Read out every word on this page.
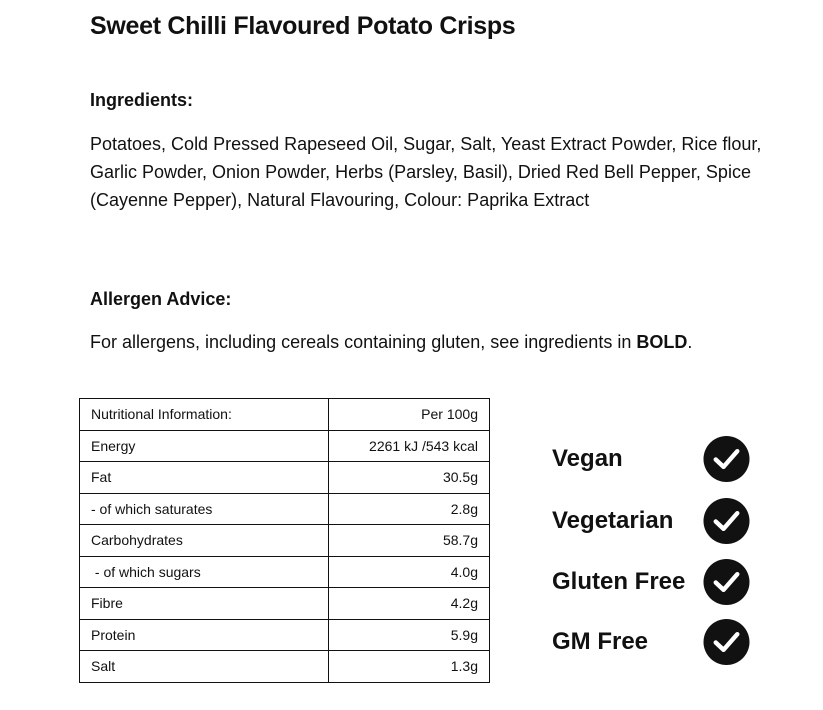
Sweet Chilli Flavoured Potato Crisps
Ingredients:
Potatoes, Cold Pressed Rapeseed Oil, Sugar, Salt, Yeast Extract Powder, Rice flour, Garlic Powder, Onion Powder, Herbs (Parsley, Basil), Dried Red Bell Pepper, Spice (Cayenne Pepper), Natural Flavouring, Colour: Paprika Extract
Allergen Advice:
For allergens, including cereals containing gluten, see ingredients in BOLD.
Nutritional Information:	Per 100g
Energy	2261 kJ /543 kcal
Fat	30.5g
- of which saturates	2.8g
Carbohydrates	58.7g
- of which sugars	4.0g
Fibre	4.2g
Protein	5.9g
Salt	1.3g
Vegan
Vegetarian
Gluten Free
GM Free
